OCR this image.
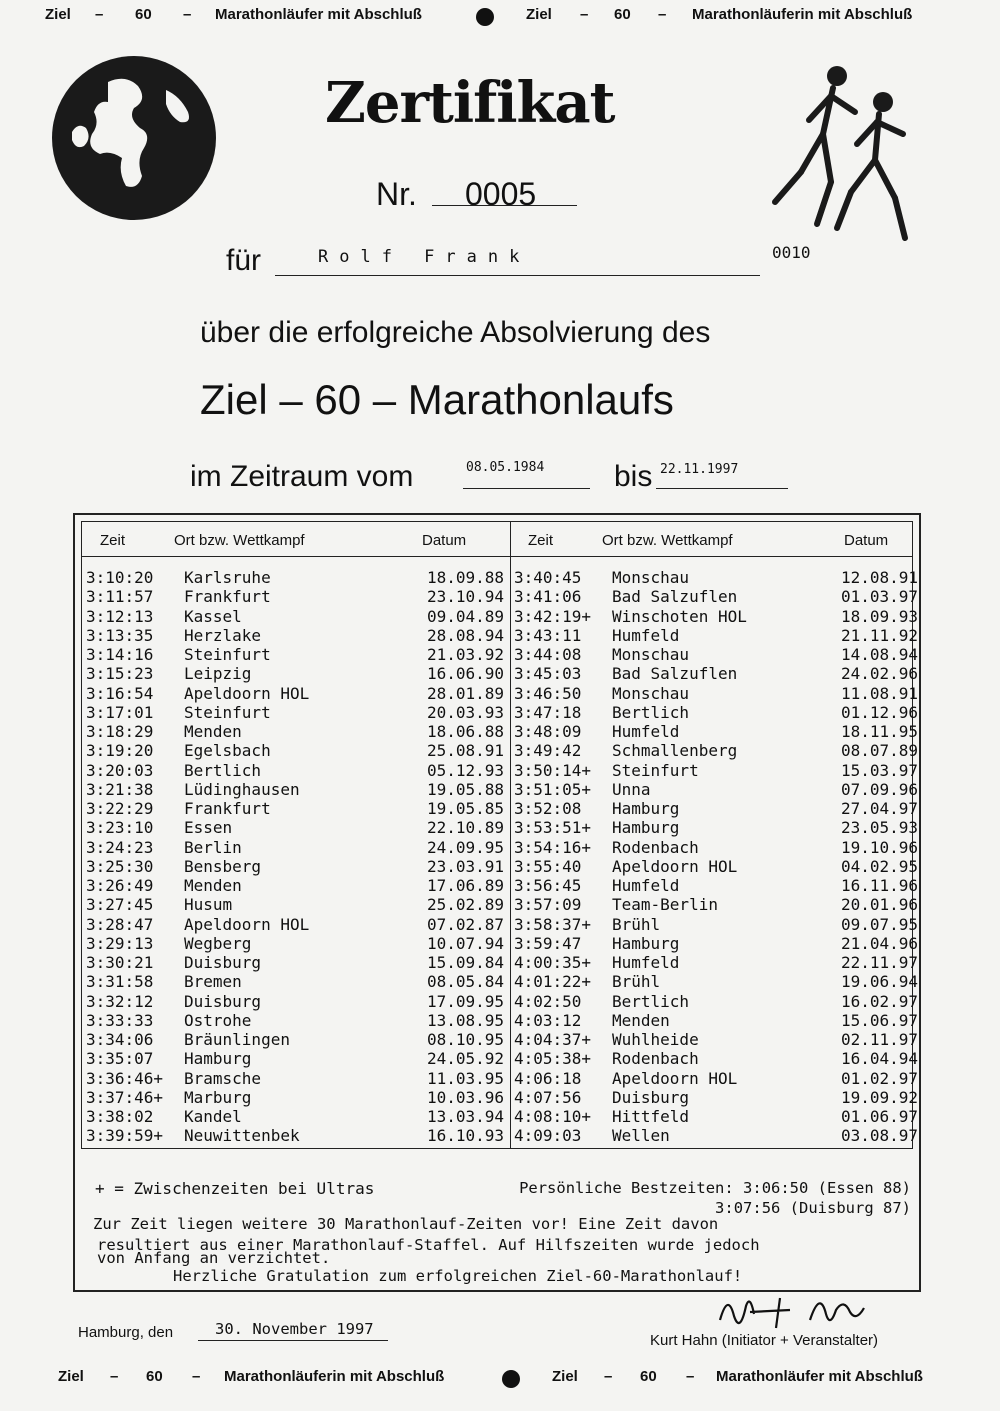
Ziel – 60 – Marathonläufer mit Abschluß	Ziel – 60 – Marathonläuferin mit Abschluß
Zertifikat
Nr. 0005
0010
für	Rolf Frank
über die erfolgreiche Absolvierung des
Ziel – 60 – Marathonlaufs
im Zeitraum vom	08.05.1984 bis 22.11.1997
Zeit	Ort bzw. Wettkampf	Datum	Zeit	Ort bzw. Wettkampf	Datum
3:10:20 Karlsruhe	18.09.88
3:11:57 Frankfurt	23.10.94
3:12:13 Kassel	09.04.89
3:13:35 Herzlake	28.08.94
3:14:16 Steinfurt	21.03.92
3:15:23 Leipzig	16.06.90
3:16:54 Apeldoorn HOL	28.01.89
3:17:01 Steinfurt	20.03.93
3:18:29 Menden	18.06.88
3:19:20 Egelsbach	25.08.91
3:20:03 Bertlich	05.12.93
3:21:38 Lüdinghausen	19.05.88
3:22:29 Frankfurt	19.05.85
3:23:10 Essen	22.10.89
3:24:23 Berlin	24.09.95
3:25:30 Bensberg	23.03.91
3:26:49 Menden	17.06.89
3:27:45 Husum	25.02.89
3:28:47 Apeldoorn HOL	07.02.87
3:29:13 Wegberg	10.07.94
3:30:21 Duisburg	15.09.84
3:31:58 Bremen	08.05.84
3:32:12 Duisburg	17.09.95
3:33:33 Ostrohe	13.08.95
3:34:06 Bräunlingen	08.10.95
3:35:07 Hamburg	24.05.92
3:36:46+ Bramsche	11.03.95
3:37:46+ Marburg	10.03.96
3:38:02 Kandel	13.03.94
3:39:59+ Neuwittenbek	16.10.93
3:40:45 Monschau	12.08.91
3:41:06 Bad Salzuflen	01.03.97
3:42:19+ Winschoten HOL	18.09.93
3:43:11 Humfeld	21.11.92
3:44:08 Monschau	14.08.94
3:45:03 Bad Salzuflen	24.02.96
3:46:50 Monschau	11.08.91
3:47:18 Bertlich	01.12.96
3:48:09 Humfeld	18.11.95
3:49:42 Schmallenberg	08.07.89
3:50:14+ Steinfurt	15.03.97
3:51:05+ Unna	07.09.96
3:52:08 Hamburg	27.04.97
3:53:51+ Hamburg	23.05.93
3:54:16+ Rodenbach	19.10.96
3:55:40 Apeldoorn HOL	04.02.95
3:56:45 Humfeld	16.11.96
3:57:09 Team-Berlin	20.01.96
3:58:37+ Brühl	09.07.95
3:59:47 Hamburg	21.04.96
4:00:35+ Humfeld	22.11.97
4:01:22+ Brühl	19.06.94
4:02:50 Bertlich	16.02.97
4:03:12 Menden	15.06.97
4:04:37+ Wuhlheide	02.11.97
4:05:38+ Rodenbach	16.04.94
4:06:18 Apeldoorn HOL	01.02.97
4:07:56 Duisburg	19.09.92
4:08:10+ Hittfeld	01.06.97
4:09:03 Wellen	03.08.97
+ = Zwischenzeiten bei Ultras	Persönliche Bestzeiten: 3:06:50 (Essen 88)
3:07:56 (Duisburg 87)
Zur Zeit liegen weitere 30 Marathonlauf-Zeiten vor! Eine Zeit davon
resultiert aus einer Marathonlauf-Staffel. Auf Hilfszeiten wurde jedoch
von Anfang an verzichtet.
Herzliche Gratulation zum erfolgreichen Ziel-60-Marathonlauf!
Hamburg, den	30. November 1997
Kurt Hahn (Initiator + Veranstalter)
Ziel – 60 – Marathonläuferin mit Abschluß	Ziel – 60 – Marathonläufer mit Abschluß
